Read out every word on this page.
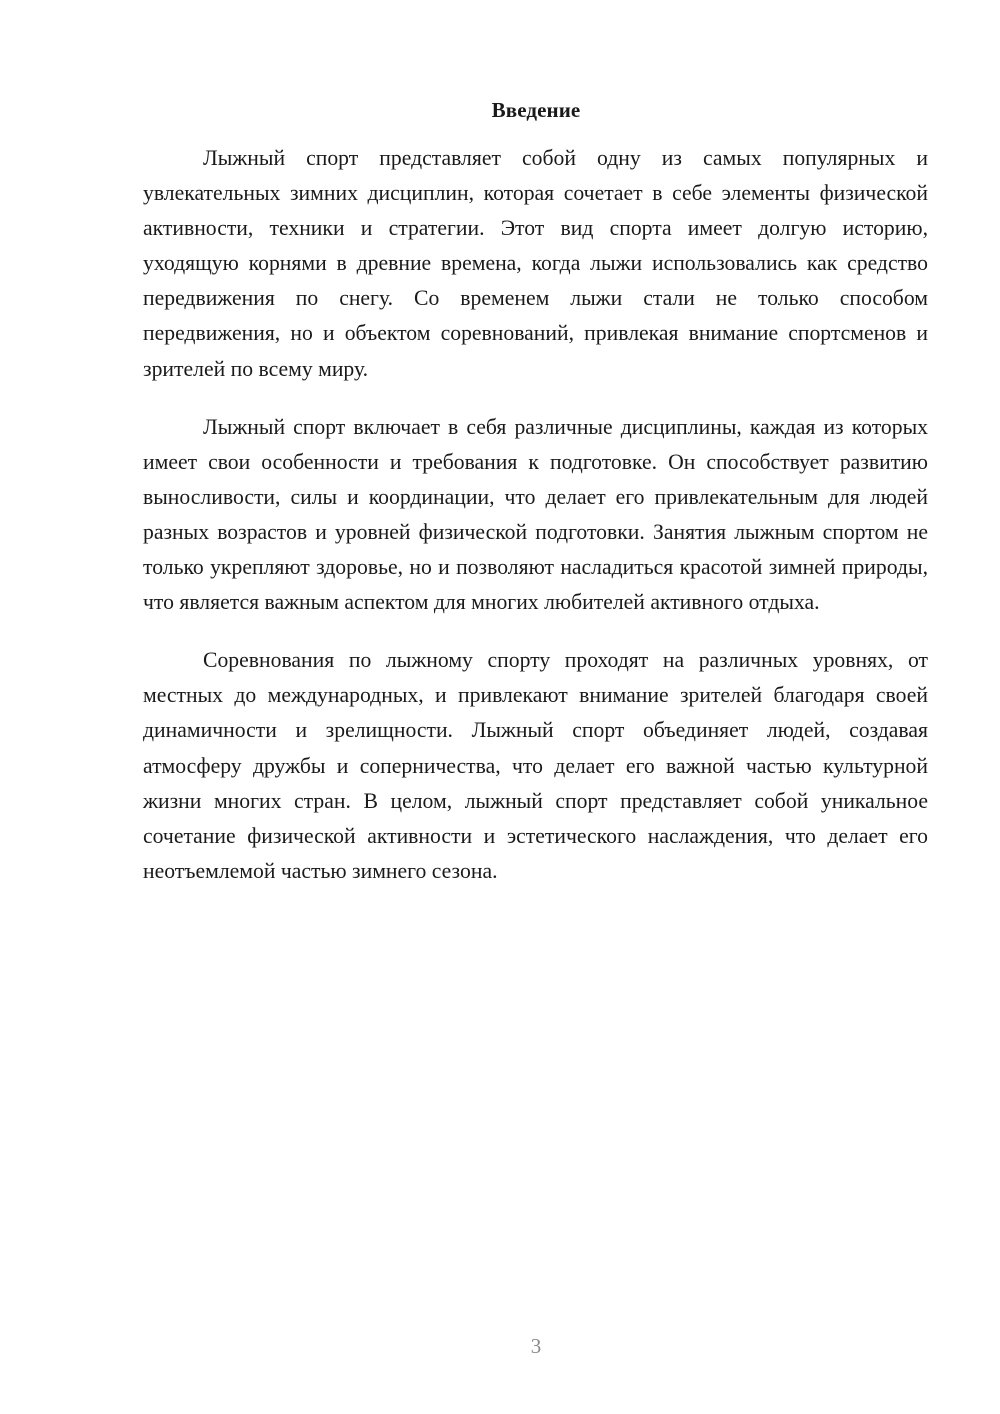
Введение

Лыжный спорт представляет собой одну из самых популярных и увлекательных зимних дисциплин, которая сочетает в себе элементы физической активности, техники и стратегии. Этот вид спорта имеет долгую историю, уходящую корнями в древние времена, когда лыжи использовались как средство передвижения по снегу. Со временем лыжи стали не только способом передвижения, но и объектом соревнований, привлекая внимание спортсменов и зрителей по всему миру.

Лыжный спорт включает в себя различные дисциплины, каждая из которых имеет свои особенности и требования к подготовке. Он способствует развитию выносливости, силы и координации, что делает его привлекательным для людей разных возрастов и уровней физической подготовки. Занятия лыжным спортом не только укрепляют здоровье, но и позволяют насладиться красотой зимней природы, что является важным аспектом для многих любителей активного отдыха.

Соревнования по лыжному спорту проходят на различных уровнях, от местных до международных, и привлекают внимание зрителей благодаря своей динамичности и зрелищности. Лыжный спорт объединяет людей, создавая атмосферу дружбы и соперничества, что делает его важной частью культурной жизни многих стран. В целом, лыжный спорт представляет собой уникальное сочетание физической активности и эстетического наслаждения, что делает его неотъемлемой частью зимнего сезона.

3
